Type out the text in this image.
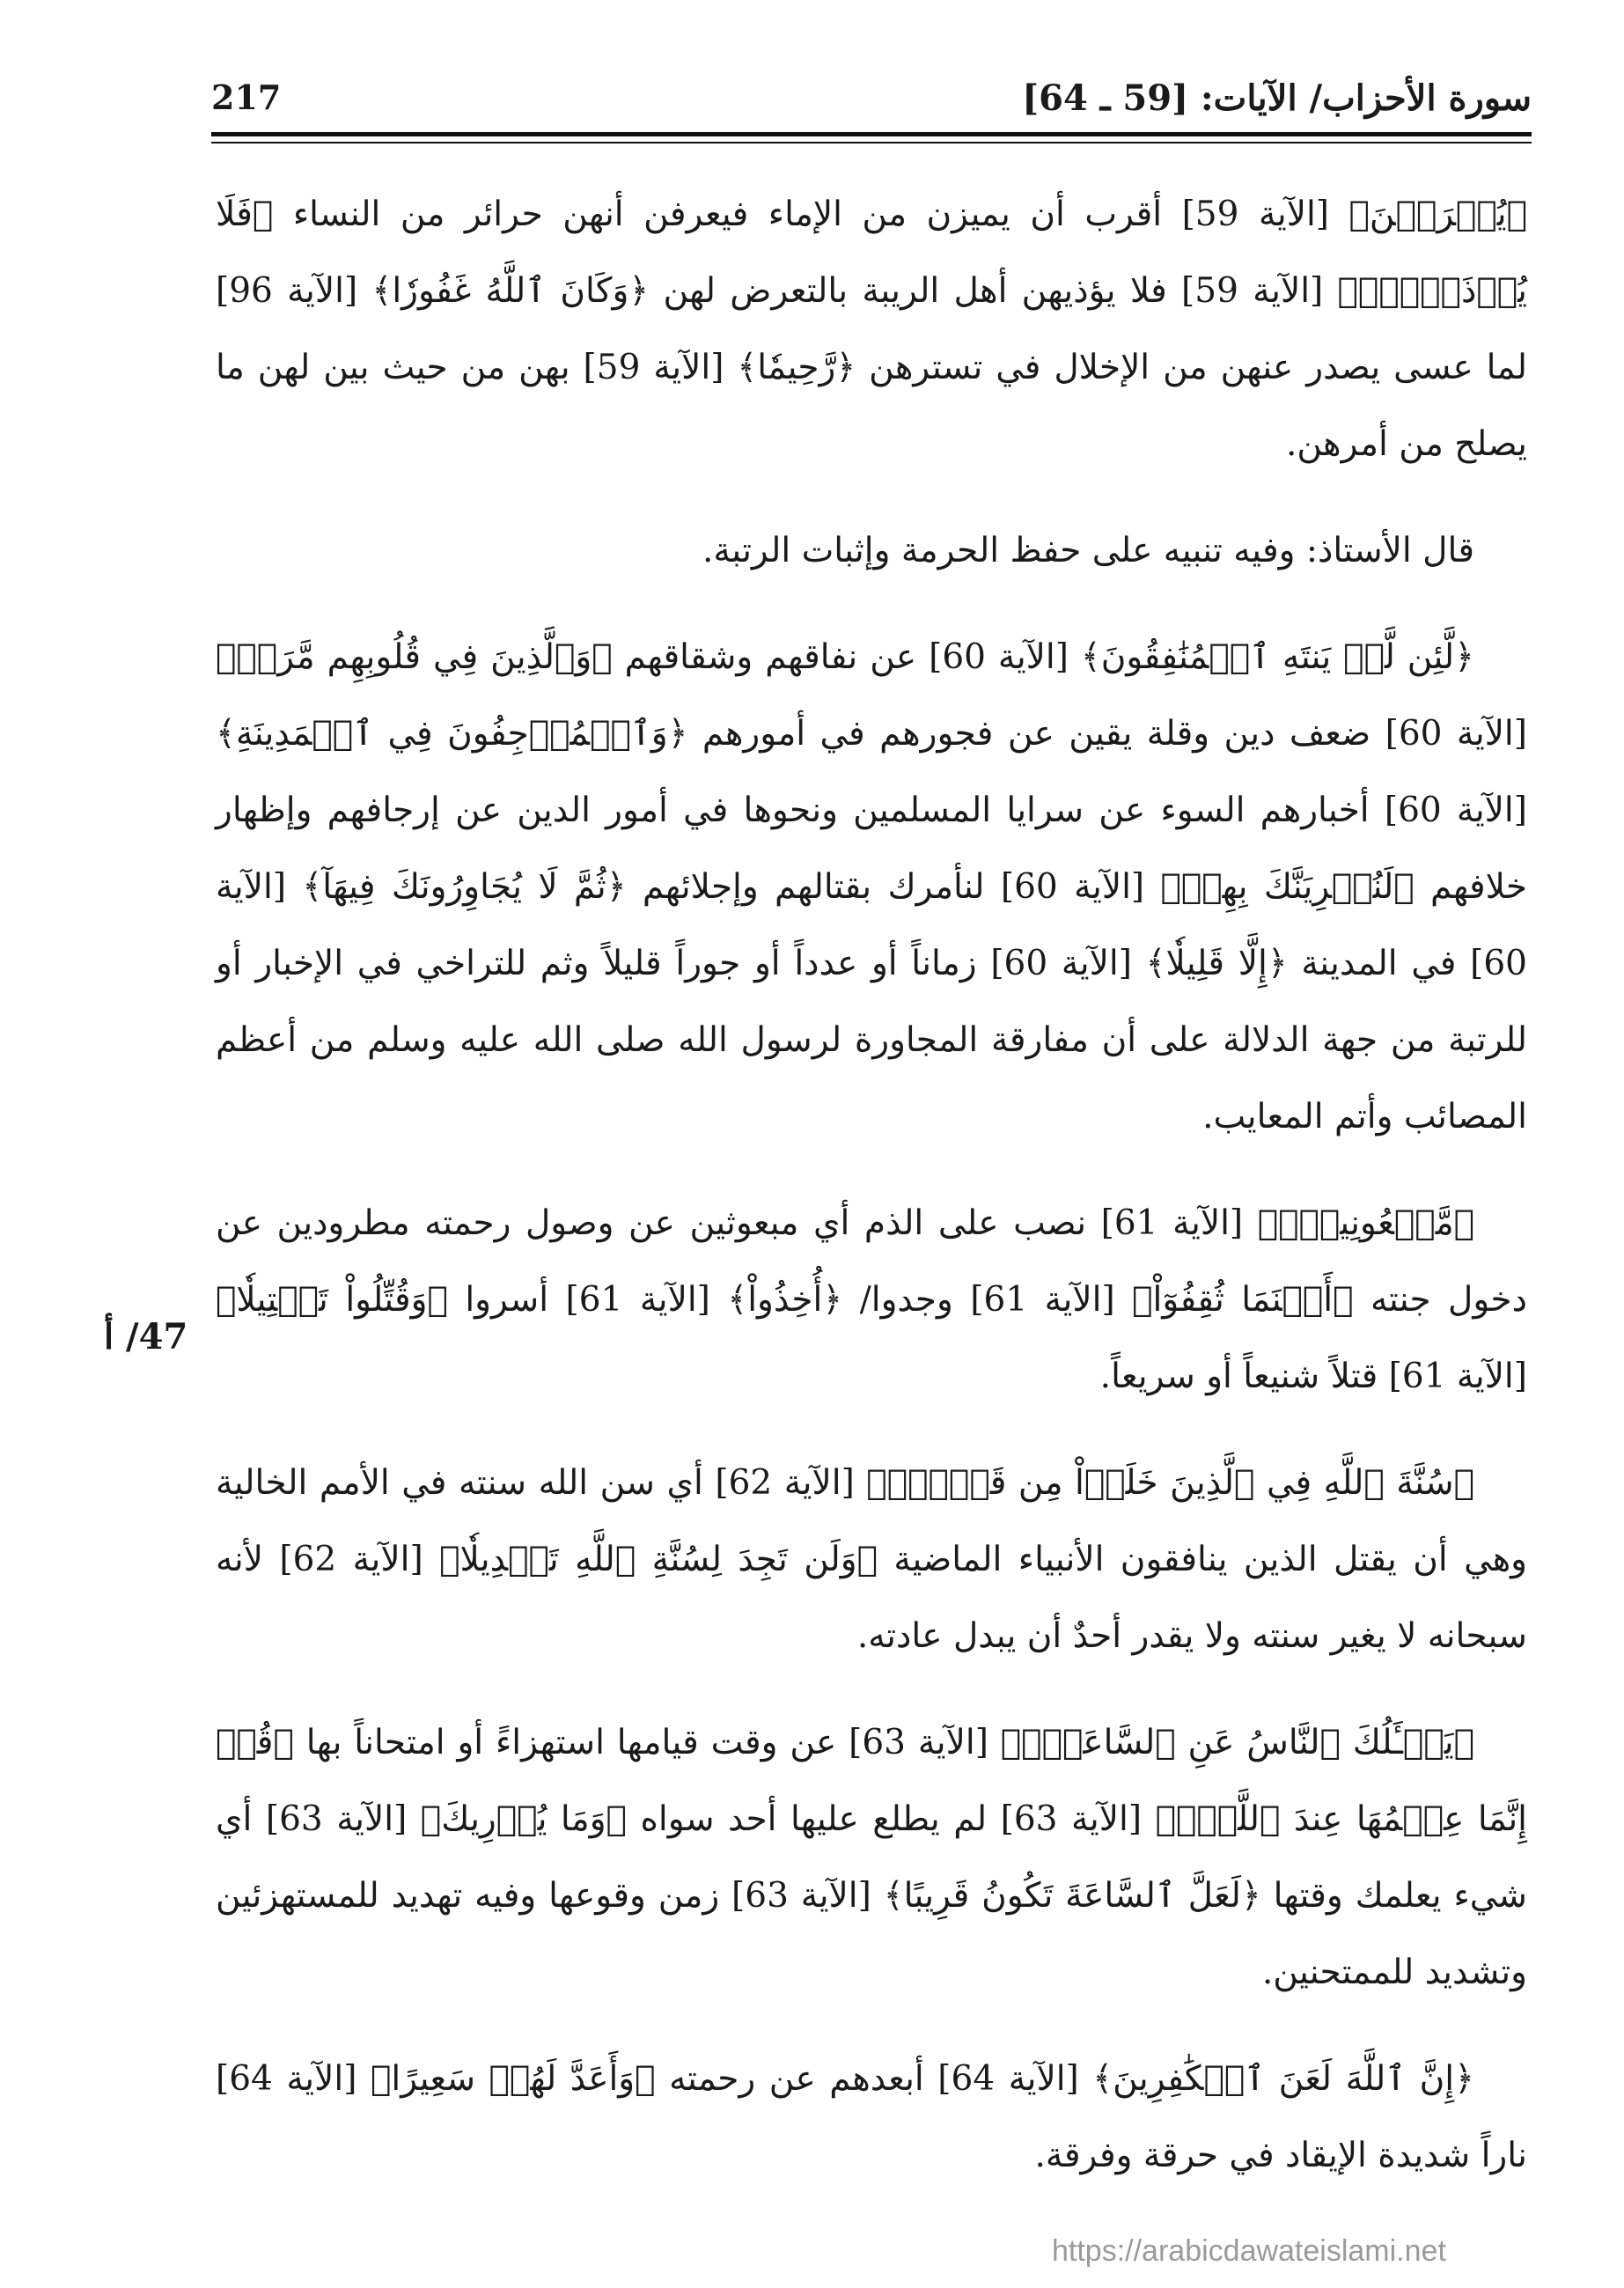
سورة الأحزاب/ الآيات: [59 ـ 64]
217

﴿يُعۡرَفۡنَ﴾ [الآية 59] أقرب أن يميزن من الإماء فيعرفن أنهن حرائر من النساء ﴿فَلَا يُؤۡذَيۡنَۗ﴾ [الآية 59] فلا يؤذيهن أهل الريبة بالتعرض لهن ﴿وَكَانَ ٱللَّهُ غَفُورٗا﴾ [الآية 96] لما عسى يصدر عنهن من الإخلال في تسترهن ﴿رَّحِيمٗا﴾ [الآية 59] بهن من حيث بين لهن ما يصلح من أمرهن.

قال الأستاذ: وفيه تنبيه على حفظ الحرمة وإثبات الرتبة.

﴿لَّئِن لَّمۡ يَنتَهِ ٱلۡمُنَٰفِقُونَ﴾ [الآية 60] عن نفاقهم وشقاقهم ﴿وَٱلَّذِينَ فِي قُلُوبِهِم مَّرَضٞ﴾ [الآية 60] ضعف دين وقلة يقين عن فجورهم في أمورهم ﴿وَٱلۡمُرۡجِفُونَ فِي ٱلۡمَدِينَةِ﴾ [الآية 60] أخبارهم السوء عن سرايا المسلمين ونحوها في أمور الدين عن إرجافهم وإظهار خلافهم ﴿لَنُغۡرِيَنَّكَ بِهِمۡ﴾ [الآية 60] لنأمرك بقتالهم وإجلائهم ﴿ثُمَّ لَا يُجَاوِرُونَكَ فِيهَآ﴾ [الآية 60] في المدينة ﴿إِلَّا قَلِيلٗا﴾ [الآية 60] زماناً أو عدداً أو جوراً قليلاً وثم للتراخي في الإخبار أو للرتبة من جهة الدلالة على أن مفارقة المجاورة لرسول الله صلى الله عليه وسلم من أعظم المصائب وأتم المعايب.

﴿مَّلۡعُونِينَۖ﴾ [الآية 61] نصب على الذم أي مبعوثين عن وصول رحمته مطرودين عن دخول جنته ﴿أَيۡنَمَا ثُقِفُوٓاْ﴾ [الآية 61] وجدوا/ ﴿أُخِذُواْ﴾ [الآية 61] أسروا ﴿وَقُتِّلُواْ تَقۡتِيلٗا﴾ [الآية 61] قتلاً شنيعاً أو سريعاً.

﴿سُنَّةَ ٱللَّهِ فِي ٱلَّذِينَ خَلَوۡاْ مِن قَبۡلُۖ﴾ [الآية 62] أي سن الله سنته في الأمم الخالية وهي أن يقتل الذين ينافقون الأنبياء الماضية ﴿وَلَن تَجِدَ لِسُنَّةِ ٱللَّهِ تَبۡدِيلٗا﴾ [الآية 62] لأنه سبحانه لا يغير سنته ولا يقدر أحدٌ أن يبدل عادته.

﴿يَسۡـَٔلُكَ ٱلنَّاسُ عَنِ ٱلسَّاعَةِۖ﴾ [الآية 63] عن وقت قيامها استهزاءً أو امتحاناً بها ﴿قُلۡ إِنَّمَا عِلۡمُهَا عِندَ ٱللَّهِۚ﴾ [الآية 63] لم يطلع عليها أحد سواه ﴿وَمَا يُدۡرِيكَ﴾ [الآية 63] أي شيء يعلمك وقتها ﴿لَعَلَّ ٱلسَّاعَةَ تَكُونُ قَرِيبًا﴾ [الآية 63] زمن وقوعها وفيه تهديد للمستهزئين وتشديد للممتحنين.

﴿إِنَّ ٱللَّهَ لَعَنَ ٱلۡكَٰفِرِينَ﴾ [الآية 64] أبعدهم عن رحمته ﴿وَأَعَدَّ لَهُمۡ سَعِيرًا﴾ [الآية 64] ناراً شديدة الإيقاد في حرقة وفرقة.

47/ أ
https://arabicdawateislami.net
